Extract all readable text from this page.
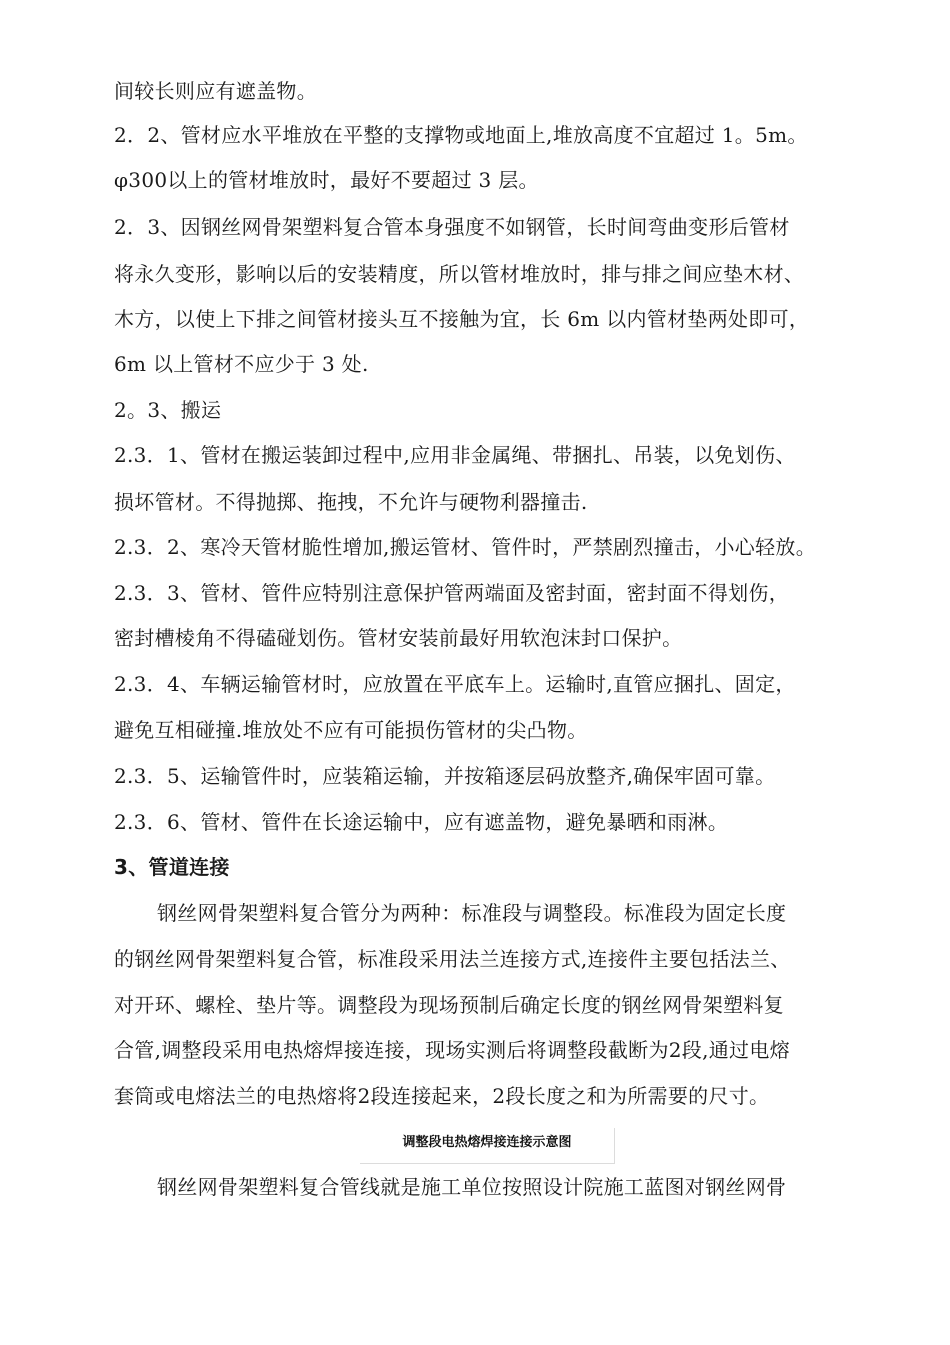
间较长则应有遮盖物。
2．2、管材应水平堆放在平整的支撑物或地面上,堆放高度不宜超过 1。5m。
φ300以上的管材堆放时，最好不要超过 3 层。
2．3、因钢丝网骨架塑料复合管本身强度不如钢管，长时间弯曲变形后管材
将永久变形，影响以后的安装精度，所以管材堆放时，排与排之间应垫木材、
木方，以使上下排之间管材接头互不接触为宜，长 6m 以内管材垫两处即可，
6m 以上管材不应少于 3 处.
2。3、搬运
2.3．1、管材在搬运装卸过程中,应用非金属绳、带捆扎、吊装，以免划伤、
损坏管材。不得抛掷、拖拽，不允许与硬物利器撞击.
2.3．2、寒冷天管材脆性增加,搬运管材、管件时，严禁剧烈撞击，小心轻放。
2.3．3、管材、管件应特别注意保护管两端面及密封面，密封面不得划伤，
密封槽棱角不得磕碰划伤。管材安装前最好用软泡沫封口保护。
2.3．4、车辆运输管材时，应放置在平底车上。运输时,直管应捆扎、固定，
避免互相碰撞.堆放处不应有可能损伤管材的尖凸物。
2.3．5、运输管件时，应装箱运输，并按箱逐层码放整齐,确保牢固可靠。
2.3．6、管材、管件在长途运输中，应有遮盖物，避免暴晒和雨淋。
3、管道连接
钢丝网骨架塑料复合管分为两种：标准段与调整段。标准段为固定长度
的钢丝网骨架塑料复合管，标准段采用法兰连接方式,连接件主要包括法兰、
对开环、螺栓、垫片等。调整段为现场预制后确定长度的钢丝网骨架塑料复
合管,调整段采用电热熔焊接连接，现场实测后将调整段截断为2段,通过电熔
套筒或电熔法兰的电热熔将2段连接起来，2段长度之和为所需要的尺寸。
调整段电热熔焊接连接示意图
钢丝网骨架塑料复合管线就是施工单位按照设计院施工蓝图对钢丝网骨
